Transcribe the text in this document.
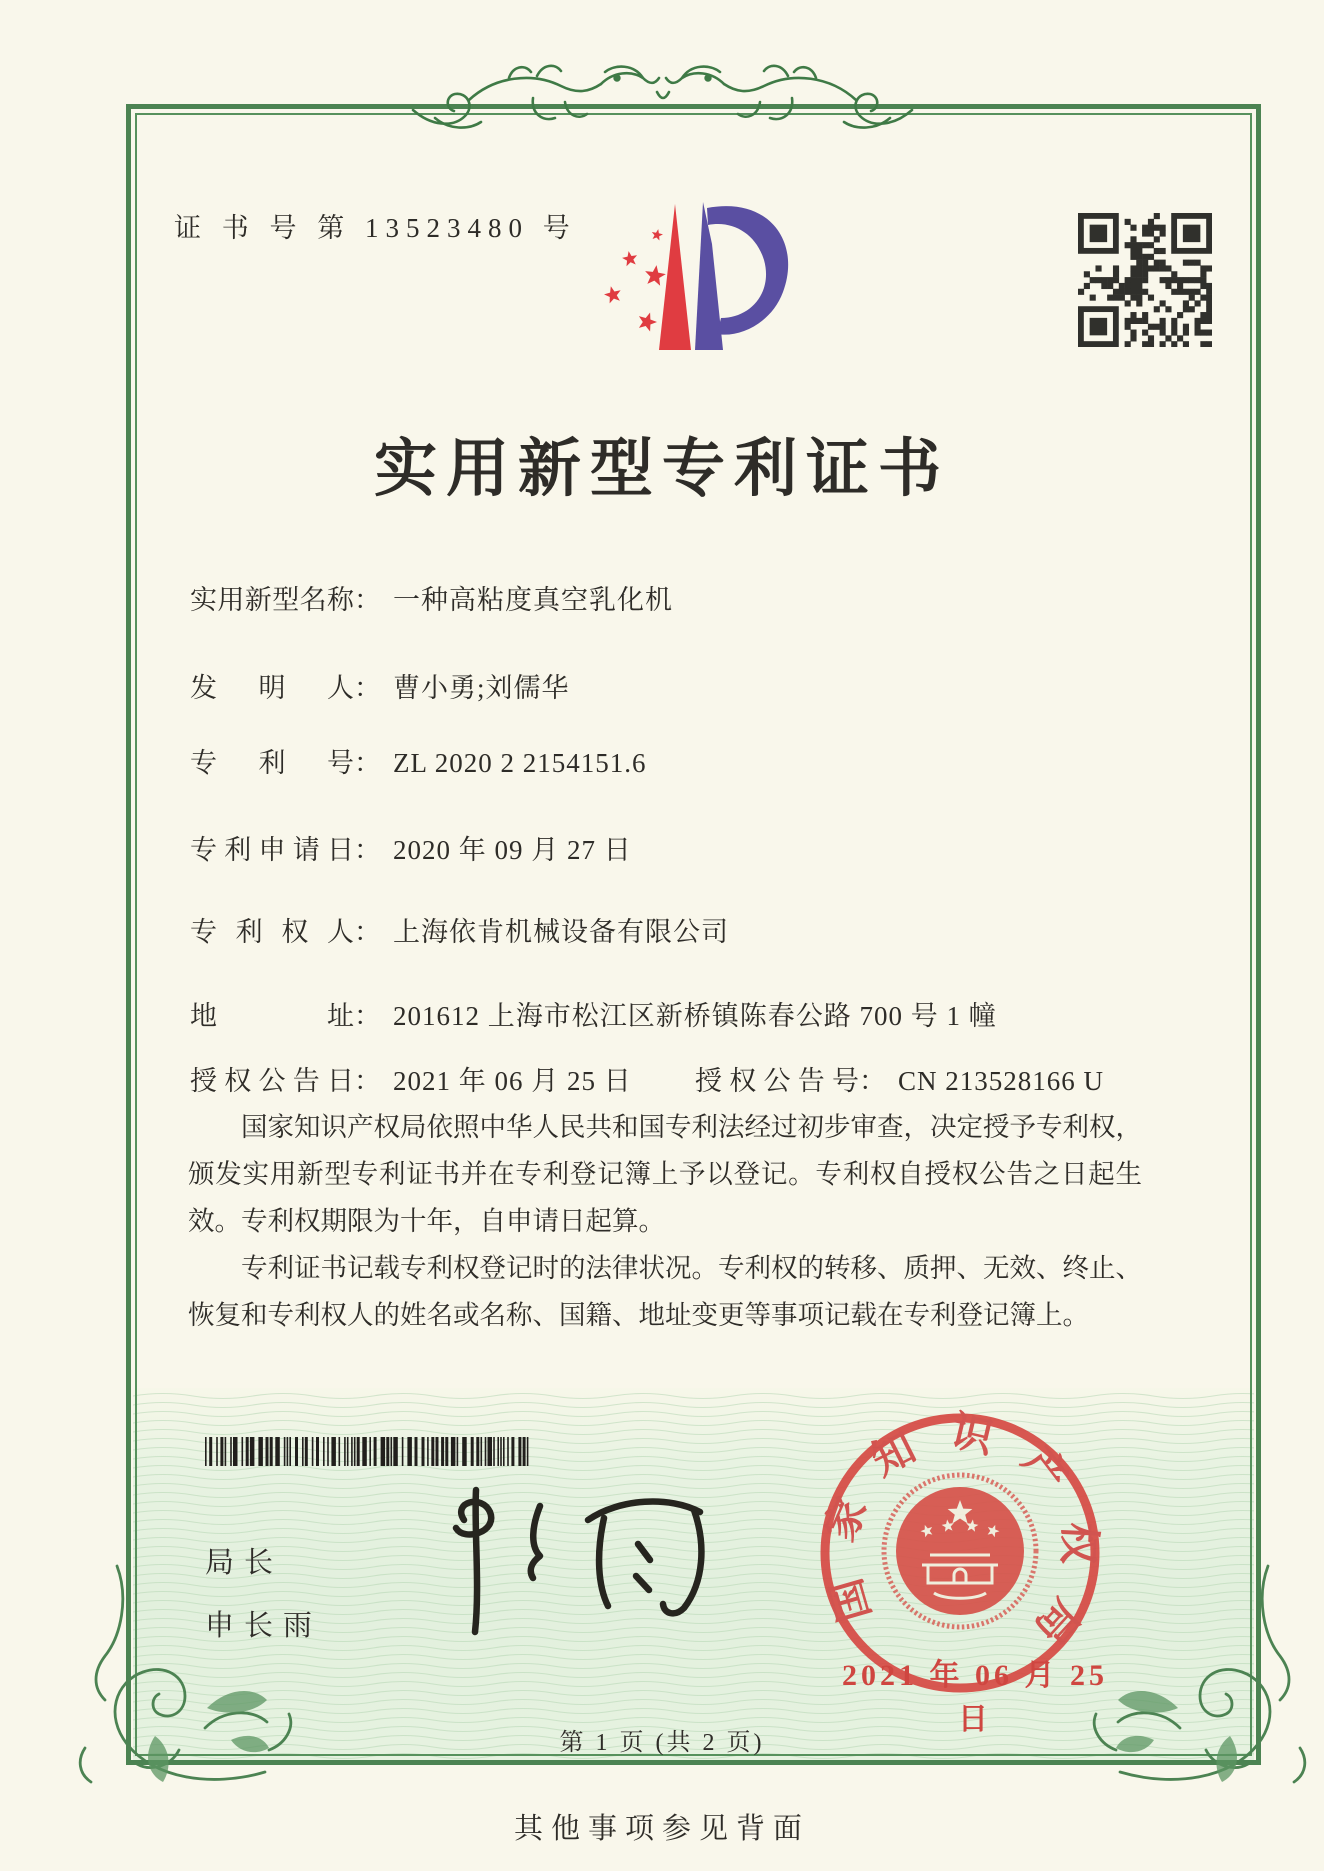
证 书 号 第 13523480 号
实用新型专利证书
实用新型名称： 一种高粘度真空乳化机
发明人： 曹小勇;刘儒华
专利号： ZL 2020 2 2154151.6
专利申请日： 2020 年 09 月 27 日
专利权人： 上海依肯机械设备有限公司
地址： 201612 上海市松江区新桥镇陈春公路 700 号 1 幢
授权公告日： 2021 年 06 月 25 日 授权公告号： CN 213528166 U

国家知识产权局依照中华人民共和国专利法经过初步审查，决定授予专利权，颁发实用新型专利证书并在专利登记簿上予以登记。专利权自授权公告之日起生效。专利权期限为十年，自申请日起算。

专利证书记载专利权登记时的法律状况。专利权的转移、质押、无效、终止、恢复和专利权人的姓名或名称、国籍、地址变更等事项记载在专利登记簿上。

局长
申长雨	国家知识产权局
2021 年 06 月 25 日
第 1 页 (共 2 页)
其他事项参见背面
